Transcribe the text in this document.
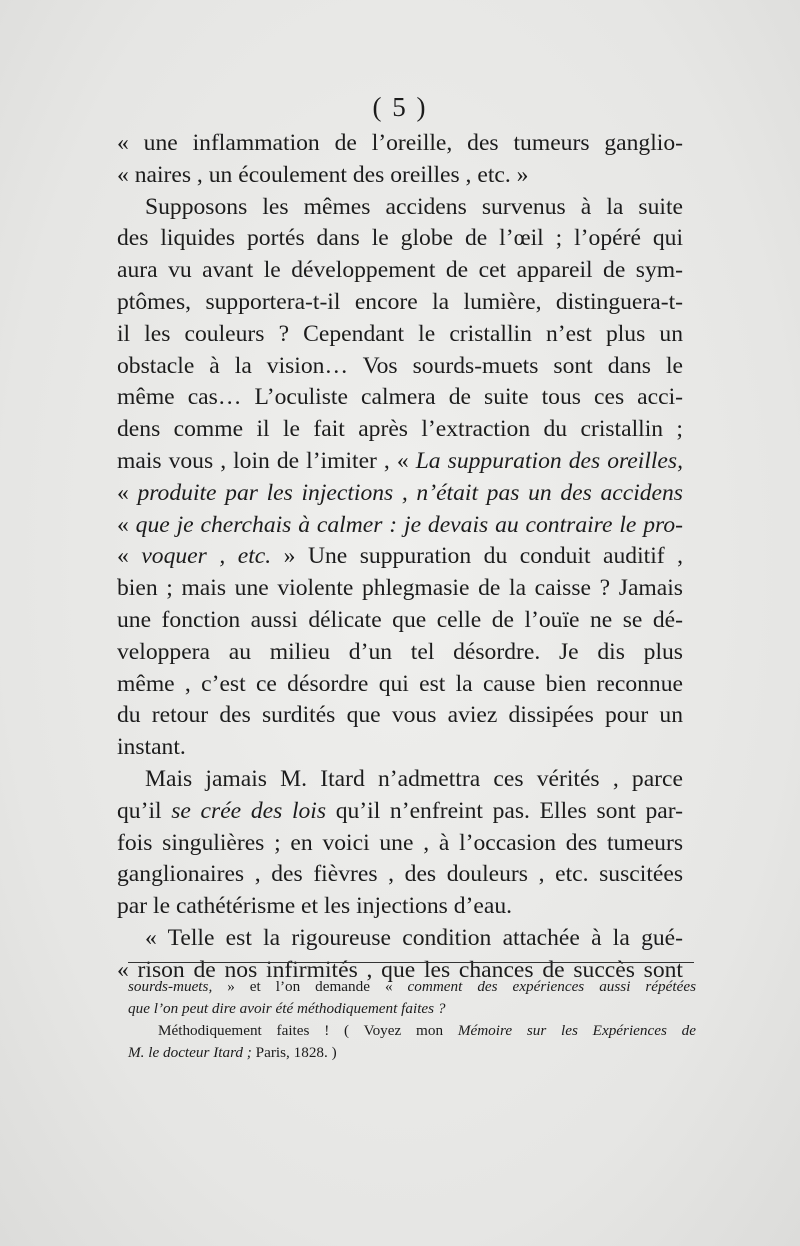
( 5 )
« une inflammation de l’oreille, des tumeurs ganglio-
« naires , un écoulement des oreilles , etc. »
Supposons les mêmes accidens survenus à la suite
des liquides portés dans le globe de l’œil ; l’opéré qui
aura vu avant le développement de cet appareil de sym-
ptômes, supportera-t-il encore la lumière, distinguera-t-
il les couleurs ? Cependant le cristallin n’est plus un
obstacle à la vision… Vos sourds-muets sont dans le
même cas… L’oculiste calmera de suite tous ces acci-
dens comme il le fait après l’extraction du cristallin ;
mais vous , loin de l’imiter , « La suppuration des oreilles,
« produite par les injections , n’était pas un des accidens
« que je cherchais à calmer : je devais au contraire le pro-
« voquer , etc. » Une suppuration du conduit auditif ,
bien ; mais une violente phlegmasie de la caisse ? Jamais
une fonction aussi délicate que celle de l’ouïe ne se dé-
veloppera au milieu d’un tel désordre. Je dis plus
même , c’est ce désordre qui est la cause bien reconnue
du retour des surdités que vous aviez dissipées pour un
instant.
Mais jamais M. Itard n’admettra ces vérités , parce
qu’il se crée des lois qu’il n’enfreint pas. Elles sont par-
fois singulières ; en voici une , à l’occasion des tumeurs
ganglionaires , des fièvres , des douleurs , etc. suscitées
par le cathétérisme et les injections d’eau.
« Telle est la rigoureuse condition attachée à la gué-
« rison de nos infirmités , que les chances de succès sont
sourds-muets, » et l’on demande « comment des expériences aussi répétées
que l’on peut dire avoir été méthodiquement faites ?
Méthodiquement faites ! ( Voyez mon Mémoire sur les Expériences de
M. le docteur Itard ; Paris, 1828. )
